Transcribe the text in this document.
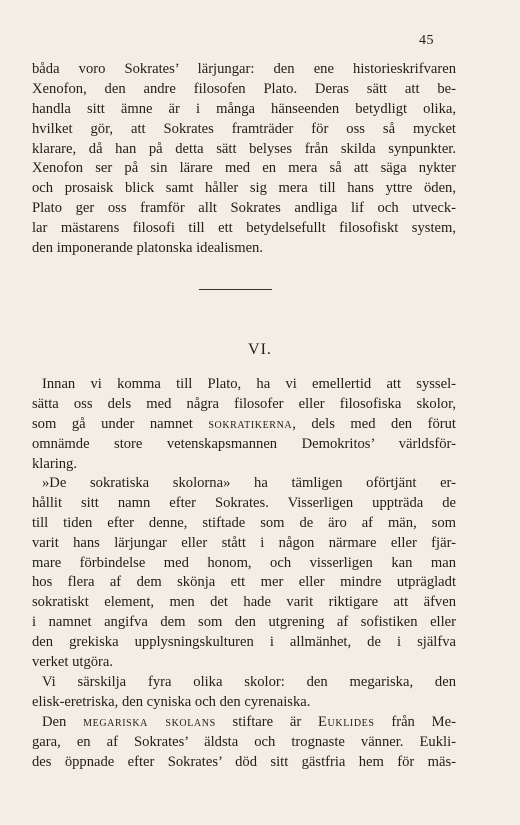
45
båda voro Sokrates’ lärjungar: den ene historieskrifvaren
Xenofon, den andre filosofen Plato. Deras sätt att be-
handla sitt ämne är i många hänseenden betydligt olika,
hvilket gör, att Sokrates framträder för oss så mycket
klarare, då han på detta sätt belyses från skilda synpunkter.
Xenofon ser på sin lärare med en mera så att säga nykter
och prosaisk blick samt håller sig mera till hans yttre öden,
Plato ger oss framför allt Sokrates andliga lif och utveck-
lar mästarens filosofi till ett betydelsefullt filosofiskt system,
den imponerande platonska idealismen.
VI.
Innan vi komma till Plato, ha vi emellertid att syssel-
sätta oss dels med några filosofer eller filosofiska skolor,
som gå under namnet sokratikerna, dels med den förut
omnämde store vetenskapsmannen Demokritos’ världsför-
klaring.
»De sokratiska skolorna» ha tämligen oförtjänt er-
hållit sitt namn efter Sokrates. Visserligen uppträda de
till tiden efter denne, stiftade som de äro af män, som
varit hans lärjungar eller stått i någon närmare eller fjär-
mare förbindelse med honom, och visserligen kan man
hos flera af dem skönja ett mer eller mindre utprägladt
sokratiskt element, men det hade varit riktigare att äfven
i namnet angifva dem som den utgrening af sofistiken eller
den grekiska upplysningskulturen i allmänhet, de i själfva
verket utgöra.
Vi särskilja fyra olika skolor: den megariska, den
elisk-eretriska, den cyniska och den cyrenaiska.
Den megariska skolans stiftare är Euklides från Me-
gara, en af Sokrates’ äldsta och trognaste vänner. Eukli-
des öppnade efter Sokrates’ död sitt gästfria hem för mäs-
